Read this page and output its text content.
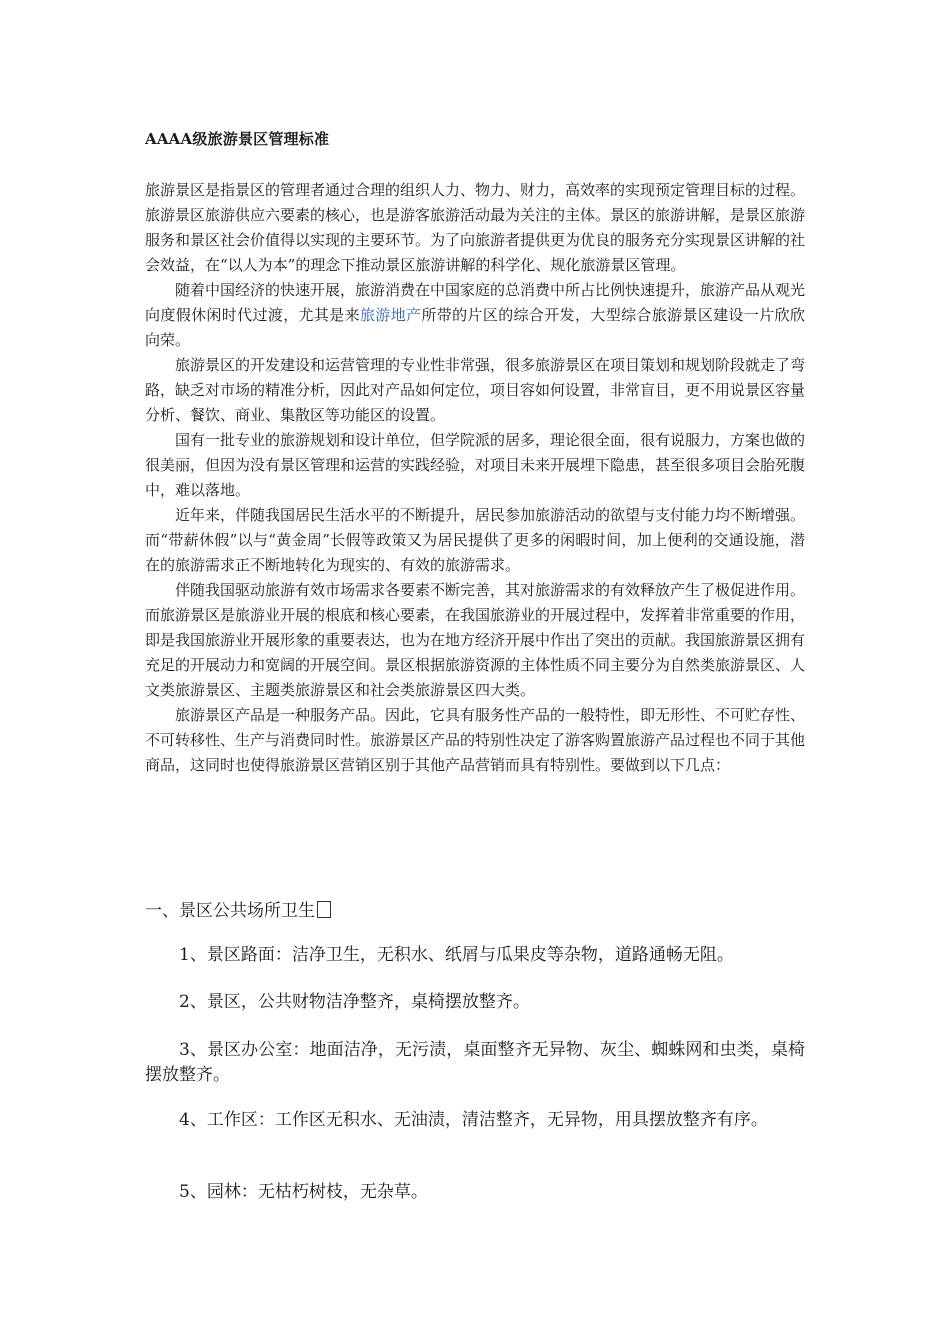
AAAA级旅游景区管理标准

旅游景区是指景区的管理者通过合理的组织人力、物力、财力，高效率的实现预定管理目标的过程。

旅游景区旅游供应六要素的核心，也是游客旅游活动最为关注的主体。景区的旅游讲解，是景区旅游服务和景区社会价值得以实现的主要环节。为了向旅游者提供更为优良的服务充分实现景区讲解的社会效益，在“以人为本”的理念下推动景区旅游讲解的科学化、规化旅游景区管理。

随着中国经济的快速开展，旅游消费在中国家庭的总消费中所占比例快速提升，旅游产品从观光向度假休闲时代过渡，尤其是来旅游地产所带的片区的综合开发，大型综合旅游景区建设一片欣欣向荣。

旅游景区的开发建设和运营管理的专业性非常强，很多旅游景区在项目策划和规划阶段就走了弯路，缺乏对市场的精准分析，因此对产品如何定位，项目容如何设置，非常盲目，更不用说景区容量分析、餐饮、商业、集散区等功能区的设置。

国有一批专业的旅游规划和设计单位，但学院派的居多，理论很全面，很有说服力，方案也做的很美丽，但因为没有景区管理和运营的实践经验，对项目未来开展埋下隐患，甚至很多项目会胎死腹中，难以落地。

近年来，伴随我国居民生活水平的不断提升，居民参加旅游活动的欲望与支付能力均不断增强。而“带薪休假”以与“黄金周”长假等政策又为居民提供了更多的闲暇时间，加上便利的交通设施，潜在的旅游需求正不断地转化为现实的、有效的旅游需求。

伴随我国驱动旅游有效市场需求各要素不断完善，其对旅游需求的有效释放产生了极促进作用。而旅游景区是旅游业开展的根底和核心要素，在我国旅游业的开展过程中，发挥着非常重要的作用，即是我国旅游业开展形象的重要表达，也为在地方经济开展中作出了突出的贡献。我国旅游景区拥有充足的开展动力和宽阔的开展空间。景区根据旅游资源的主体性质不同主要分为自然类旅游景区、人文类旅游景区、主题类旅游景区和社会类旅游景区四大类。

旅游景区产品是一种服务产品。因此，它具有服务性产品的一般特性，即无形性、不可贮存性、不可转移性、生产与消费同时性。旅游景区产品的特别性决定了游客购置旅游产品过程也不同于其他商品，这同时也使得旅游景区营销区别于其他产品营销而具有特别性。要做到以下几点：

一、景区公共场所卫生

1、景区路面：洁净卫生，无积水、纸屑与瓜果皮等杂物，道路通畅无阻。

2、景区，公共财物洁净整齐，桌椅摆放整齐。

3、景区办公室：地面洁净，无污渍，桌面整齐无异物、灰尘、蜘蛛网和虫类，桌椅摆放整齐。

4、工作区：工作区无积水、无油渍，清洁整齐，无异物，用具摆放整齐有序。

5、园林：无枯朽树枝，无杂草。
